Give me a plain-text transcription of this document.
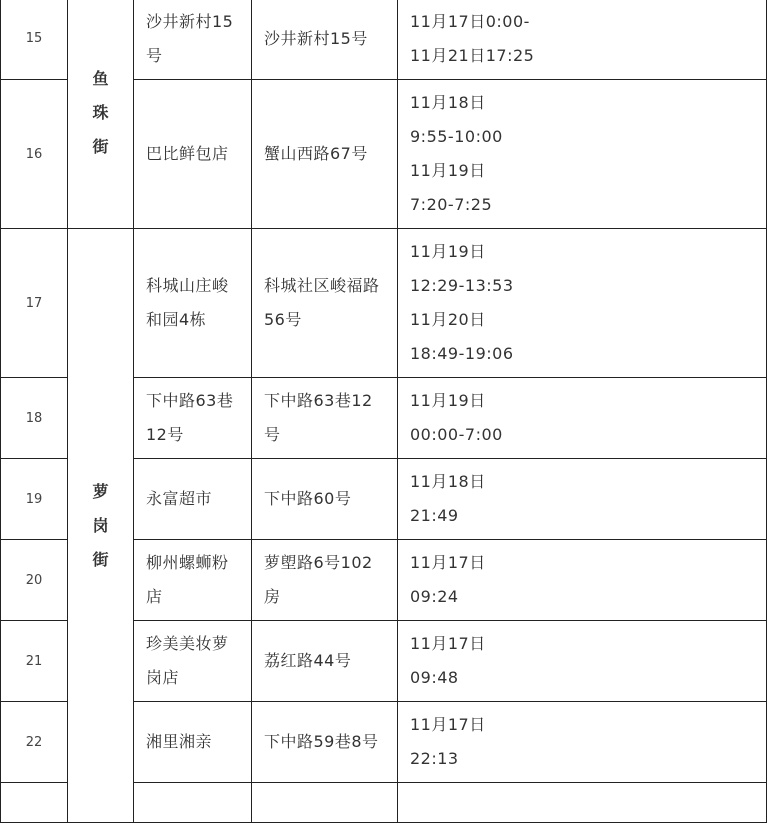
15	鱼
珠
街	沙井新村15号	沙井新村15号	11月17日0:00-
11月21日17:25

16		巴比鲜包店	蟹山西路67号	11月18日
9:55-10:00
11月19日
7:20-7:25

17	萝
岗
街	科城山庄峻和园4栋	科城社区峻福路56号	11月19日
12:29-13:53
11月20日
18:49-19:06

18		下中路63巷12号	下中路63巷12号	11月19日
00:00-7:00

19		永富超市	下中路60号	11月18日
21:49

20		柳州螺蛳粉店	萝塱路6号102房	11月17日
09:24

21		珍美美妆萝岗店	荔红路44号	11月17日
09:48

22		湘里湘亲	下中路59巷8号	11月17日
22:13
